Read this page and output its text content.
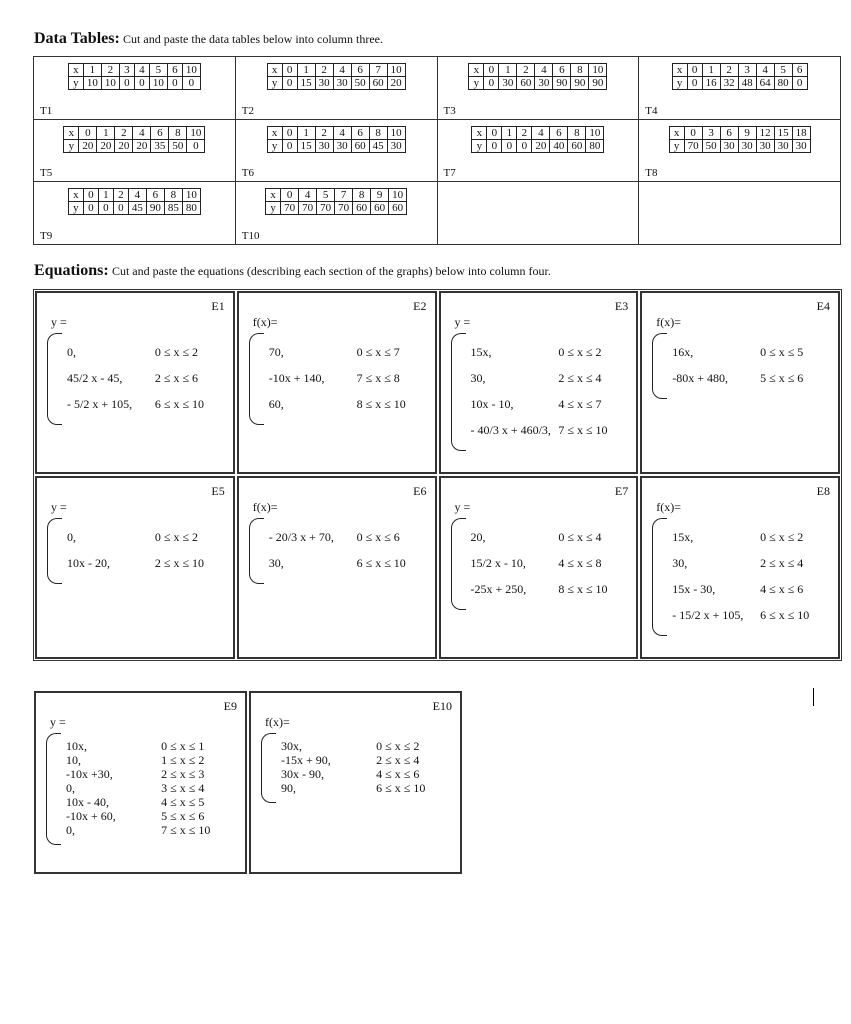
Data Tables: Cut and paste the data tables below into column three.
x	1	2	3	4	5	6	10
y	10	10	0	0	10	0	0
T1
x	0	1	2	4	6	7	10
y	0	15	30	30	50	60	20
T2
x	0	1	2	4	6	8	10
y	0	30	60	30	90	90	90
T3
x	0	1	2	3	4	5	6
y	0	16	32	48	64	80	0
T4
x	0	1	2	4	6	8	10
y	20	20	20	20	35	50	0
T5
x	0	1	2	4	6	8	10
y	0	15	30	30	60	45	30
T6
x	0	1	2	4	6	8	10
y	0	0	0	20	40	60	80
T7
x	0	3	6	9	12	15	18
y	70	50	30	30	30	30	30
T8
x	0	1	2	4	6	8	10
y	0	0	0	45	90	85	80
T9
x	0	4	5	7	8	9	10
y	70	70	70	70	60	60	60
T10
Equations: Cut and paste the equations (describing each section of the graphs) below into column four.
E1
y =
0,	0 ≤ x ≤ 2
45/2 x - 45,	2 ≤ x ≤ 6
- 5/2 x + 105,	6 ≤ x ≤ 10
E2
f(x)=
70,	0 ≤ x ≤ 7
-10x + 140,	7 ≤ x ≤ 8
60,	8 ≤ x ≤ 10
E3
y =
15x,	0 ≤ x ≤ 2
30,	2 ≤ x ≤ 4
10x - 10,	4 ≤ x ≤ 7
- 40/3 x + 460/3, 7 ≤ x ≤ 10
E4
f(x)=
16x,	0 ≤ x ≤ 5
-80x + 480,	5 ≤ x ≤ 6
E5
y =
0,	0 ≤ x ≤ 2
10x - 20,	2 ≤ x ≤ 10
E6
f(x)=
- 20/3 x + 70,	0 ≤ x ≤ 6
30,	6 ≤ x ≤ 10
E7
y =
20,	0 ≤ x ≤ 4
15/2 x - 10,	4 ≤ x ≤ 8
-25x + 250,	8 ≤ x ≤ 10
E8
f(x)=
15x,	0 ≤ x ≤ 2
30,	2 ≤ x ≤ 4
15x - 30,	4 ≤ x ≤ 6
- 15/2 x + 105,	6 ≤ x ≤ 10
E9
y =
10x,	0 ≤ x ≤ 1
10,	1 ≤ x ≤ 2
-10x +30,	2 ≤ x ≤ 3
0,	3 ≤ x ≤ 4
10x - 40,	4 ≤ x ≤ 5
-10x + 60,	5 ≤ x ≤ 6
0,	7 ≤ x ≤ 10
E10
f(x)=
30x,	0 ≤ x ≤ 2
-15x + 90,	2 ≤ x ≤ 4
30x - 90,	4 ≤ x ≤ 6
90,	6 ≤ x ≤ 10
